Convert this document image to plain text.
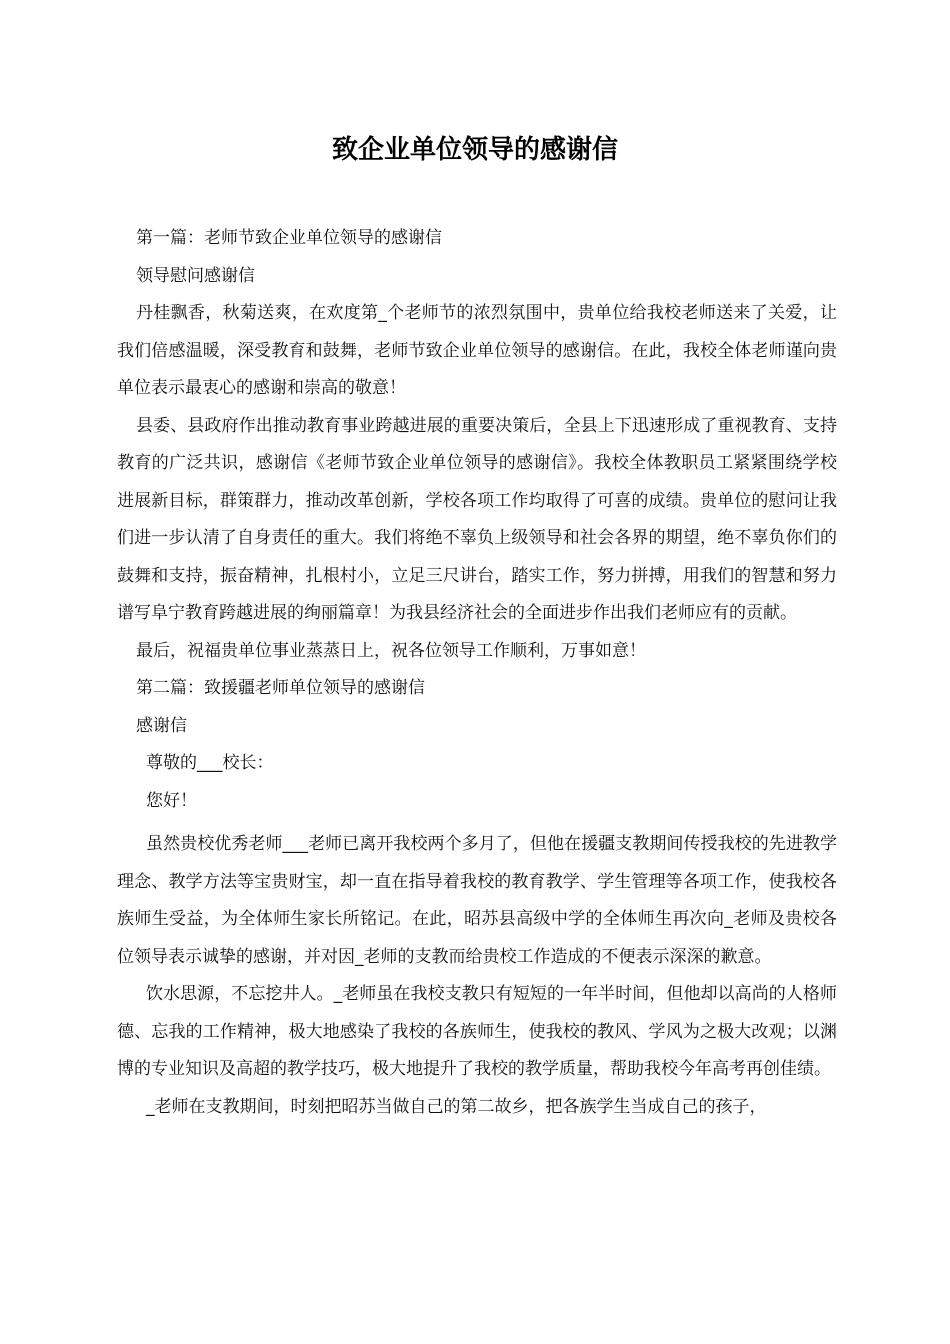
致企业单位领导的感谢信

第一篇：老师节致企业单位领导的感谢信

领导慰问感谢信

丹桂飘香，秋菊送爽，在欢度第_个老师节的浓烈氛围中，贵单位给我校老师送来了关爱，让我们倍感温暖，深受教育和鼓舞，老师节致企业单位领导的感谢信。在此，我校全体老师谨向贵单位表示最衷心的感谢和崇高的敬意！

县委、县政府作出推动教育事业跨越进展的重要决策后，全县上下迅速形成了重视教育、支持教育的广泛共识，感谢信《老师节致企业单位领导的感谢信》。我校全体教职员工紧紧围绕学校进展新目标，群策群力，推动改革创新，学校各项工作均取得了可喜的成绩。贵单位的慰问让我们进一步认清了自身责任的重大。我们将绝不辜负上级领导和社会各界的期望，绝不辜负你们的鼓舞和支持，振奋精神，扎根村小，立足三尺讲台，踏实工作，努力拼搏，用我们的智慧和努力谱写阜宁教育跨越进展的绚丽篇章！为我县经济社会的全面进步作出我们老师应有的贡献。

最后，祝福贵单位事业蒸蒸日上，祝各位领导工作顺利，万事如意！

第二篇：致援疆老师单位领导的感谢信

感谢信

尊敬的___校长：

您好！

虽然贵校优秀老师___老师已离开我校两个多月了，但他在援疆支教期间传授我校的先进教学理念、教学方法等宝贵财宝，却一直在指导着我校的教育教学、学生管理等各项工作，使我校各族师生受益，为全体师生家长所铭记。在此，昭苏县高级中学的全体师生再次向_老师及贵校各位领导表示诚挚的感谢，并对因_老师的支教而给贵校工作造成的不便表示深深的歉意。

饮水思源，不忘挖井人。_老师虽在我校支教只有短短的一年半时间，但他却以高尚的人格师德、忘我的工作精神，极大地感染了我校的各族师生，使我校的教风、学风为之极大改观；以渊博的专业知识及高超的教学技巧，极大地提升了我校的教学质量，帮助我校今年高考再创佳绩。

_老师在支教期间，时刻把昭苏当做自己的第二故乡，把各族学生当成自己的孩子，
